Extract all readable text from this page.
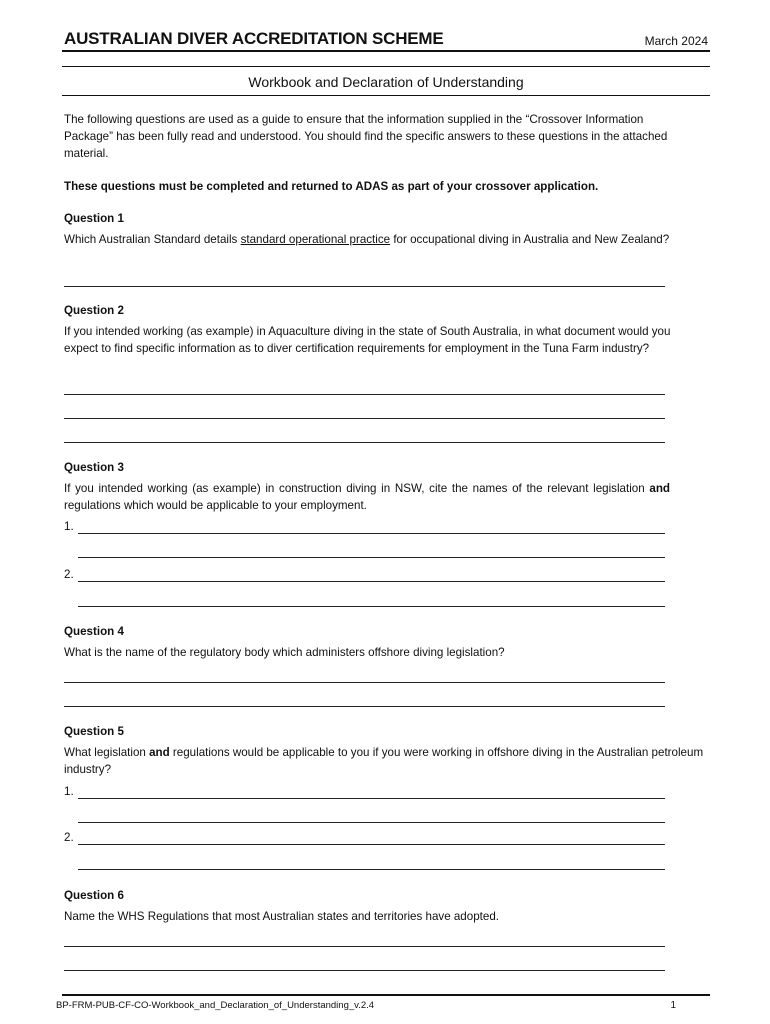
AUSTRALIAN DIVER ACCREDITATION SCHEME	March 2024
Workbook and Declaration of Understanding
The following questions are used as a guide to ensure that the information supplied in the “Crossover Information Package” has been fully read and understood. You should find the specific answers to these questions in the attached material.
These questions must be completed and returned to ADAS as part of your crossover application.
Question 1
Which Australian Standard details standard operational practice for occupational diving in Australia and New Zealand?
Question 2
If you intended working (as example) in Aquaculture diving in the state of South Australia, in what document would you expect to find specific information as to diver certification requirements for employment in the Tuna Farm industry?
Question 3
If you intended working (as example) in construction diving in NSW, cite the names of the relevant legislation and regulations which would be applicable to your employment.
1.
2.
Question 4
What is the name of the regulatory body which administers offshore diving legislation?
Question 5
What legislation and regulations would be applicable to you if you were working in offshore diving in the Australian petroleum industry?
1.
2.
Question 6
Name the WHS Regulations that most Australian states and territories have adopted.
BP-FRM-PUB-CF-CO-Workbook_and_Declaration_of_Understanding_v.2.4	1
